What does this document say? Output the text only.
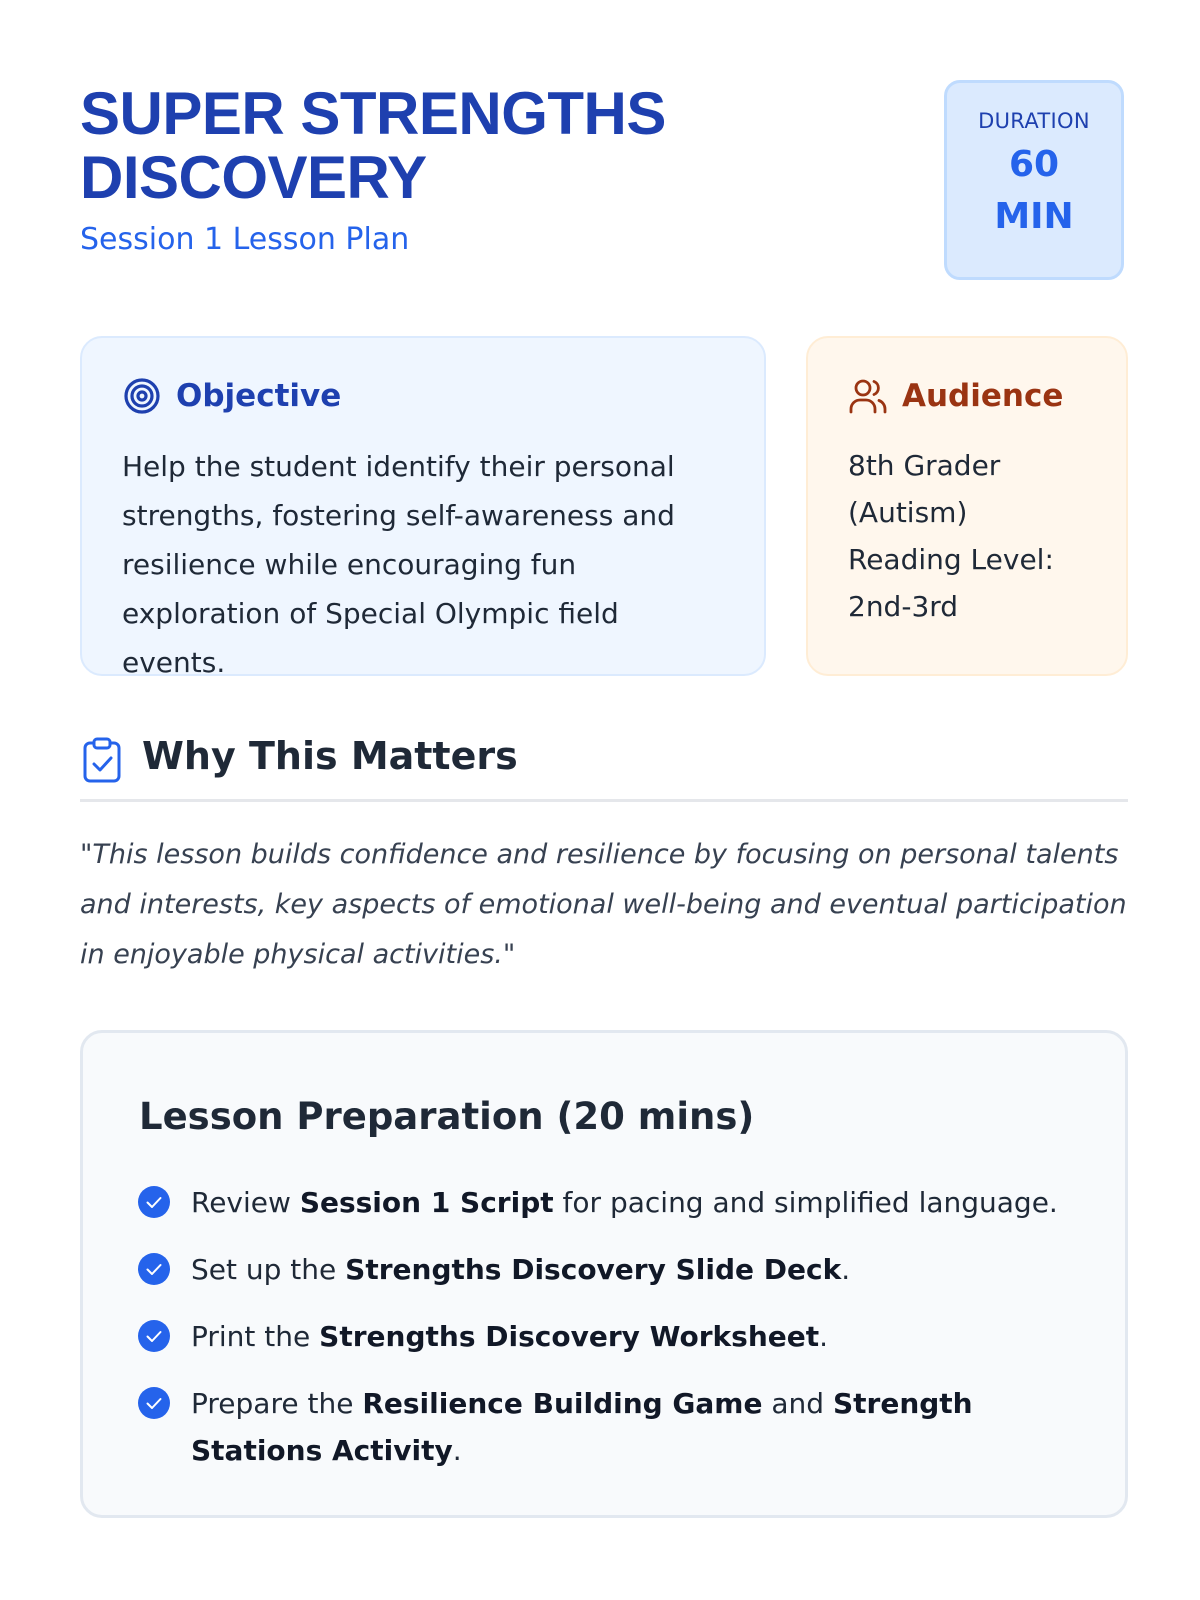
SUPER STRENGTHS
DISCOVERY
Session 1 Lesson Plan
DURATION
60
MIN
Objective
Help the student identify their personal strengths, fostering self-awareness and resilience while encouraging fun exploration of Special Olympic field events.
Audience
8th Grader
(Autism)
Reading Level:
2nd-3rd
Why This Matters
"This lesson builds confidence and resilience by focusing on personal talents and interests, key aspects of emotional well-being and eventual participation in enjoyable physical activities."
Lesson Preparation (20 mins)
Review Session 1 Script for pacing and simplified language.
Set up the Strengths Discovery Slide Deck.
Print the Strengths Discovery Worksheet.
Prepare the Resilience Building Game and Strength Stations Activity.
